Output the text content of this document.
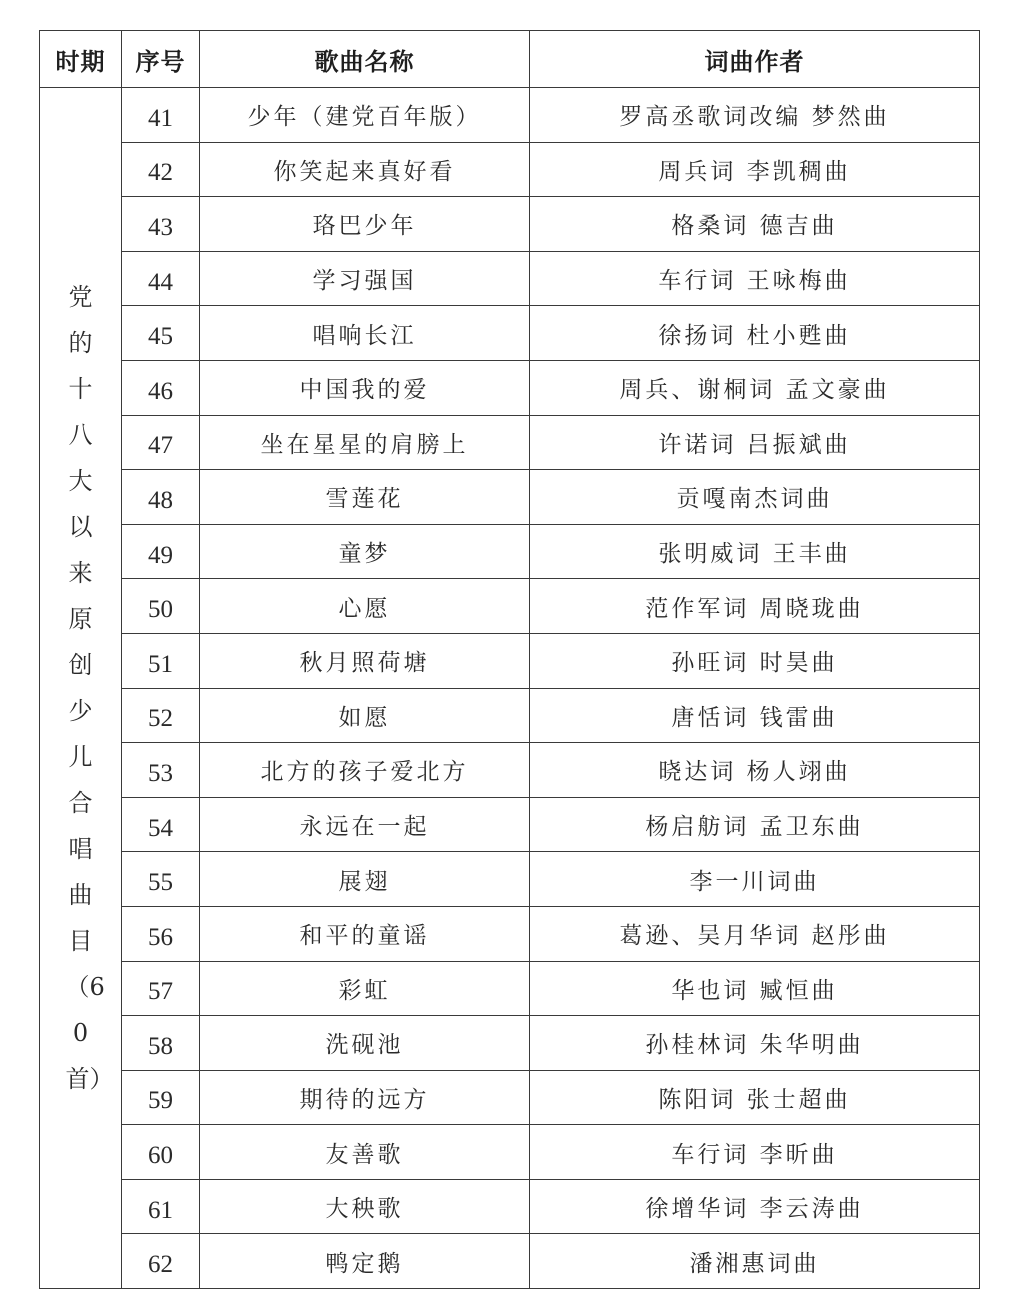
时期	序号	歌曲名称	词曲作者
党的十八大以来原创少儿合唱曲目（60首）	41	少年（建党百年版）	罗高丞歌词改编 梦然曲
	42	你笑起来真好看	周兵词 李凯稠曲
	43	珞巴少年	格桑词 德吉曲
	44	学习强国	车行词 王咏梅曲
	45	唱响长江	徐扬词 杜小甦曲
	46	中国我的爱	周兵、谢桐词 孟文豪曲
	47	坐在星星的肩膀上	许诺词 吕振斌曲
	48	雪莲花	贡嘎南杰词曲
	49	童梦	张明威词 王丰曲
	50	心愿	范作军词 周晓珑曲
	51	秋月照荷塘	孙旺词 时昊曲
	52	如愿	唐恬词 钱雷曲
	53	北方的孩子爱北方	晓达词 杨人翊曲
	54	永远在一起	杨启舫词 孟卫东曲
	55	展翅	李一川词曲
	56	和平的童谣	葛逊、吴月华词 赵彤曲
	57	彩虹	华也词 臧恒曲
	58	洗砚池	孙桂林词 朱华明曲
	59	期待的远方	陈阳词 张士超曲
	60	友善歌	车行词 李昕曲
	61	大秧歌	徐增华词 李云涛曲
	62	鸭定鹅	潘湘惠词曲
